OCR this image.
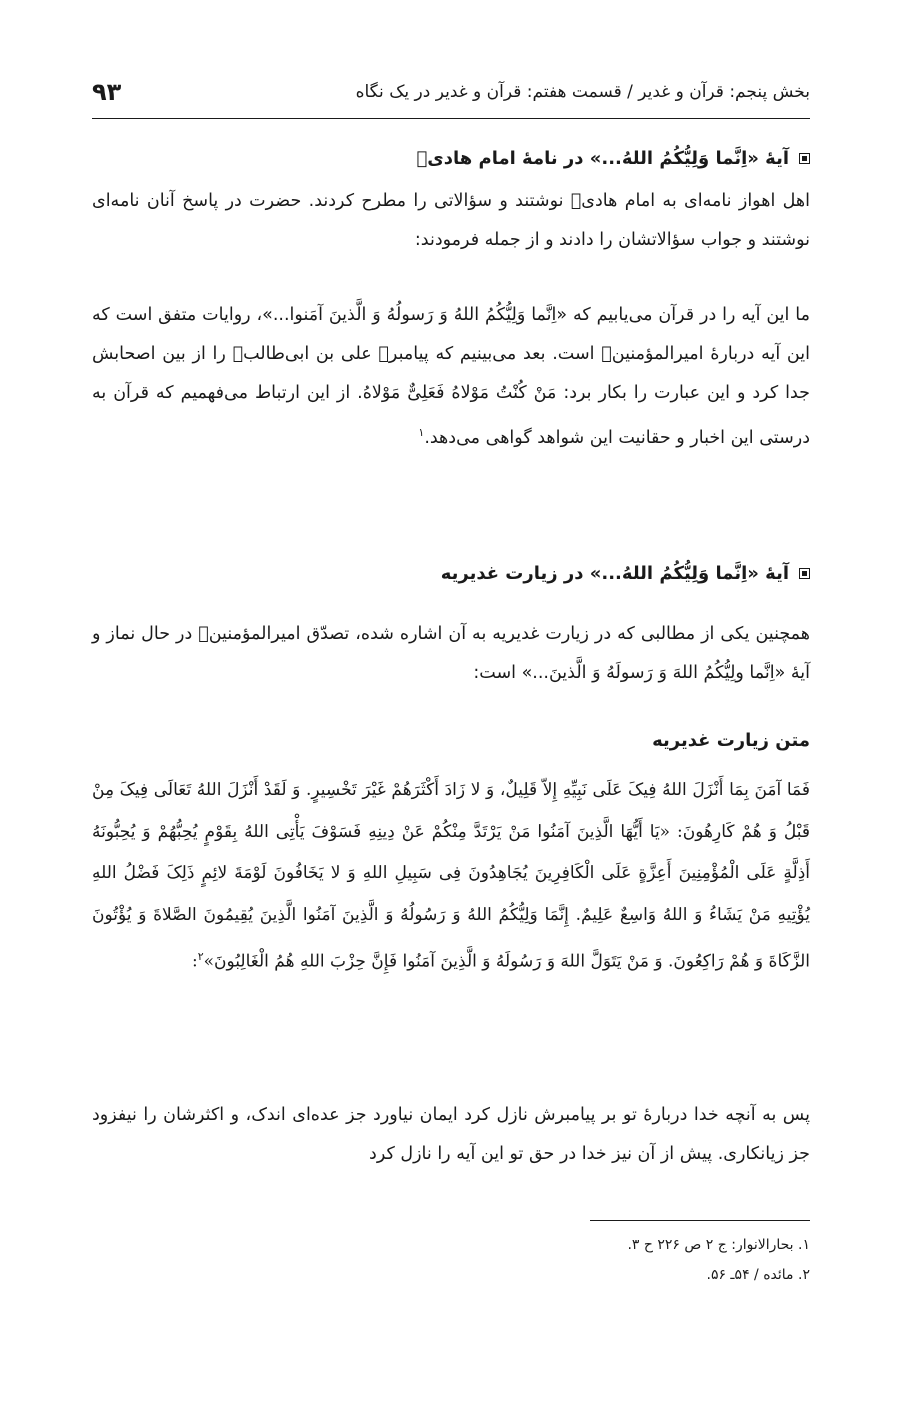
بخش پنجم: قرآن و غدیر / قسمت هفتم: قرآن و غدیر در یک نگاه
۹۳
آیهٔ «اِنَّما وَلِیُّکُمُ اللهُ...» در نامهٔ امام هادیؑ

اهل اهواز نامه‌ای به امام هادیؑ نوشتند و سؤالاتی را مطرح کردند. حضرت در پاسخ آنان نامه‌ای نوشتند و جواب سؤالاتشان را دادند و از جمله فرمودند:

ما این آیه را در قرآن می‌یابیم که «اِنَّما وَلِیُّکُمُ اللهُ وَ رَسولُهُ وَ الَّذینَ آمَنوا...»، روایات متفق است که این آیه دربارهٔ امیرالمؤمنینؑ است. بعد می‌بینیم که پیامبرﷺ علی بن ابی‌طالبؑ را از بین اصحابش جدا کرد و این عبارت را بکار برد: مَنْ کُنْتُ مَوْلاهُ فَعَلِیٌّ مَوْلاهُ. از این ارتباط می‌فهمیم که قرآن به درستی این اخبار و حقانیت این شواهد گواهی می‌دهد.$^۱$

آیهٔ «اِنَّما وَلِیُّکُمُ اللهُ...» در زیارت غدیریه

همچنین یکی از مطالبی که در زیارت غدیریه به آن اشاره شده، تصدّق امیرالمؤمنینؑ در حال نماز و آیهٔ «اِنَّما ولِیُّکُمُ اللهَ وَ رَسولَهُ وَ الَّذینَ...» است:

متن زیارت غدیریه

فَمَا آمَنَ بِمَا أَنْزَلَ اللهُ فِیکَ عَلَی نَبِیِّهِ إِلاّ قَلِیلٌ، وَ لا زَادَ أَکْثَرَهُمْ غَیْرَ تَخْسِیرٍ. وَ لَقَدْ أَنْزَلَ اللهُ تَعَالَی فِیکَ مِنْ قَبْلُ وَ هُمْ کَارِهُونَ: «یَا أَیُّهَا الَّذِینَ آمَنُوا مَنْ یَرْتَدَّ مِنْکُمْ عَنْ دِینِهِ فَسَوْفَ یَأْتِی اللهُ بِقَوْمٍ یُحِبُّهُمْ وَ یُحِبُّونَهُ أَذِلَّةٍ عَلَی الْمُؤْمِنِینَ أَعِزَّةٍ عَلَی الْکَافِرِینَ یُجَاهِدُونَ فِی سَبِیلِ اللهِ وَ لا یَخَافُونَ لَوْمَةَ لائِمٍ ذَلِکَ فَضْلُ اللهِ یُؤْتِیهِ مَنْ یَشَاءُ وَ اللهُ وَاسِعٌ عَلِیمٌ. إِنَّمَا وَلِیُّکُمُ اللهُ وَ رَسُولُهُ وَ الَّذِینَ آمَنُوا الَّذِینَ یُقِیمُونَ الصَّلاةَ وَ یُؤْتُونَ الزَّکَاةَ وَ هُمْ رَاکِعُونَ. وَ مَنْ یَتَوَلَّ اللهَ وَ رَسُولَهُ وَ الَّذِینَ آمَنُوا فَإِنَّ حِزْبَ اللهِ هُمُ الْغَالِبُونَ»$^۲$:

پس به آنچه خدا دربارهٔ تو بر پیامبرش نازل کرد ایمان نیاورد جز عده‌ای اندک، و اکثرشان را نیفزود جز زیانکاری. پیش از آن نیز خدا در حق تو این آیه را نازل کرد

۱. بحارالانوار: ج ۲ ص ۲۲۶ ح ۳.

۲. مائده / ۵۴ـ ۵۶.
